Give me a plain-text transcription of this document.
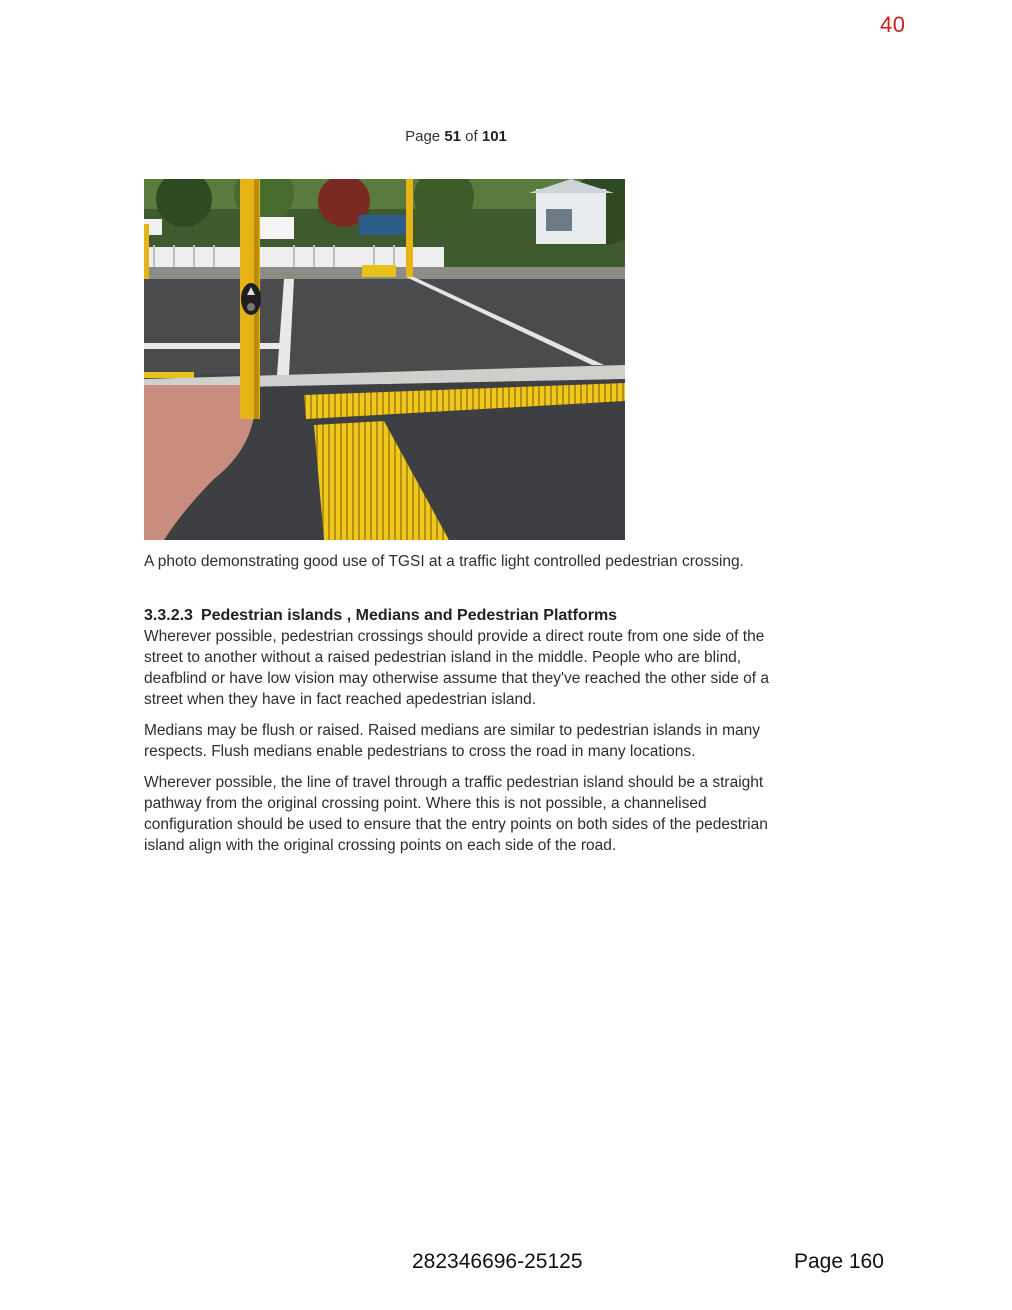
40
Page 51 of 101
A photo demonstrating good use of TGSI at a traffic light controlled pedestrian crossing.
3.3.2.3 Pedestrian islands , Medians and Pedestrian Platforms

Wherever possible, pedestrian crossings should provide a direct route from one side of the street to another without a raised pedestrian island in the middle. People who are blind, deafblind or have low vision may otherwise assume that they've reached the other side of a street when they have in fact reached apedestrian island.

Medians may be flush or raised. Raised medians are similar to pedestrian islands in many respects. Flush medians enable pedestrians to cross the road in many locations.

Wherever possible, the line of travel through a traffic pedestrian island should be a straight pathway from the original crossing point. Where this is not possible, a channelised configuration should be used to ensure that the entry points on both sides of the pedestrian island align with the original crossing points on each side of the road.

282346696-25125	Page 160
